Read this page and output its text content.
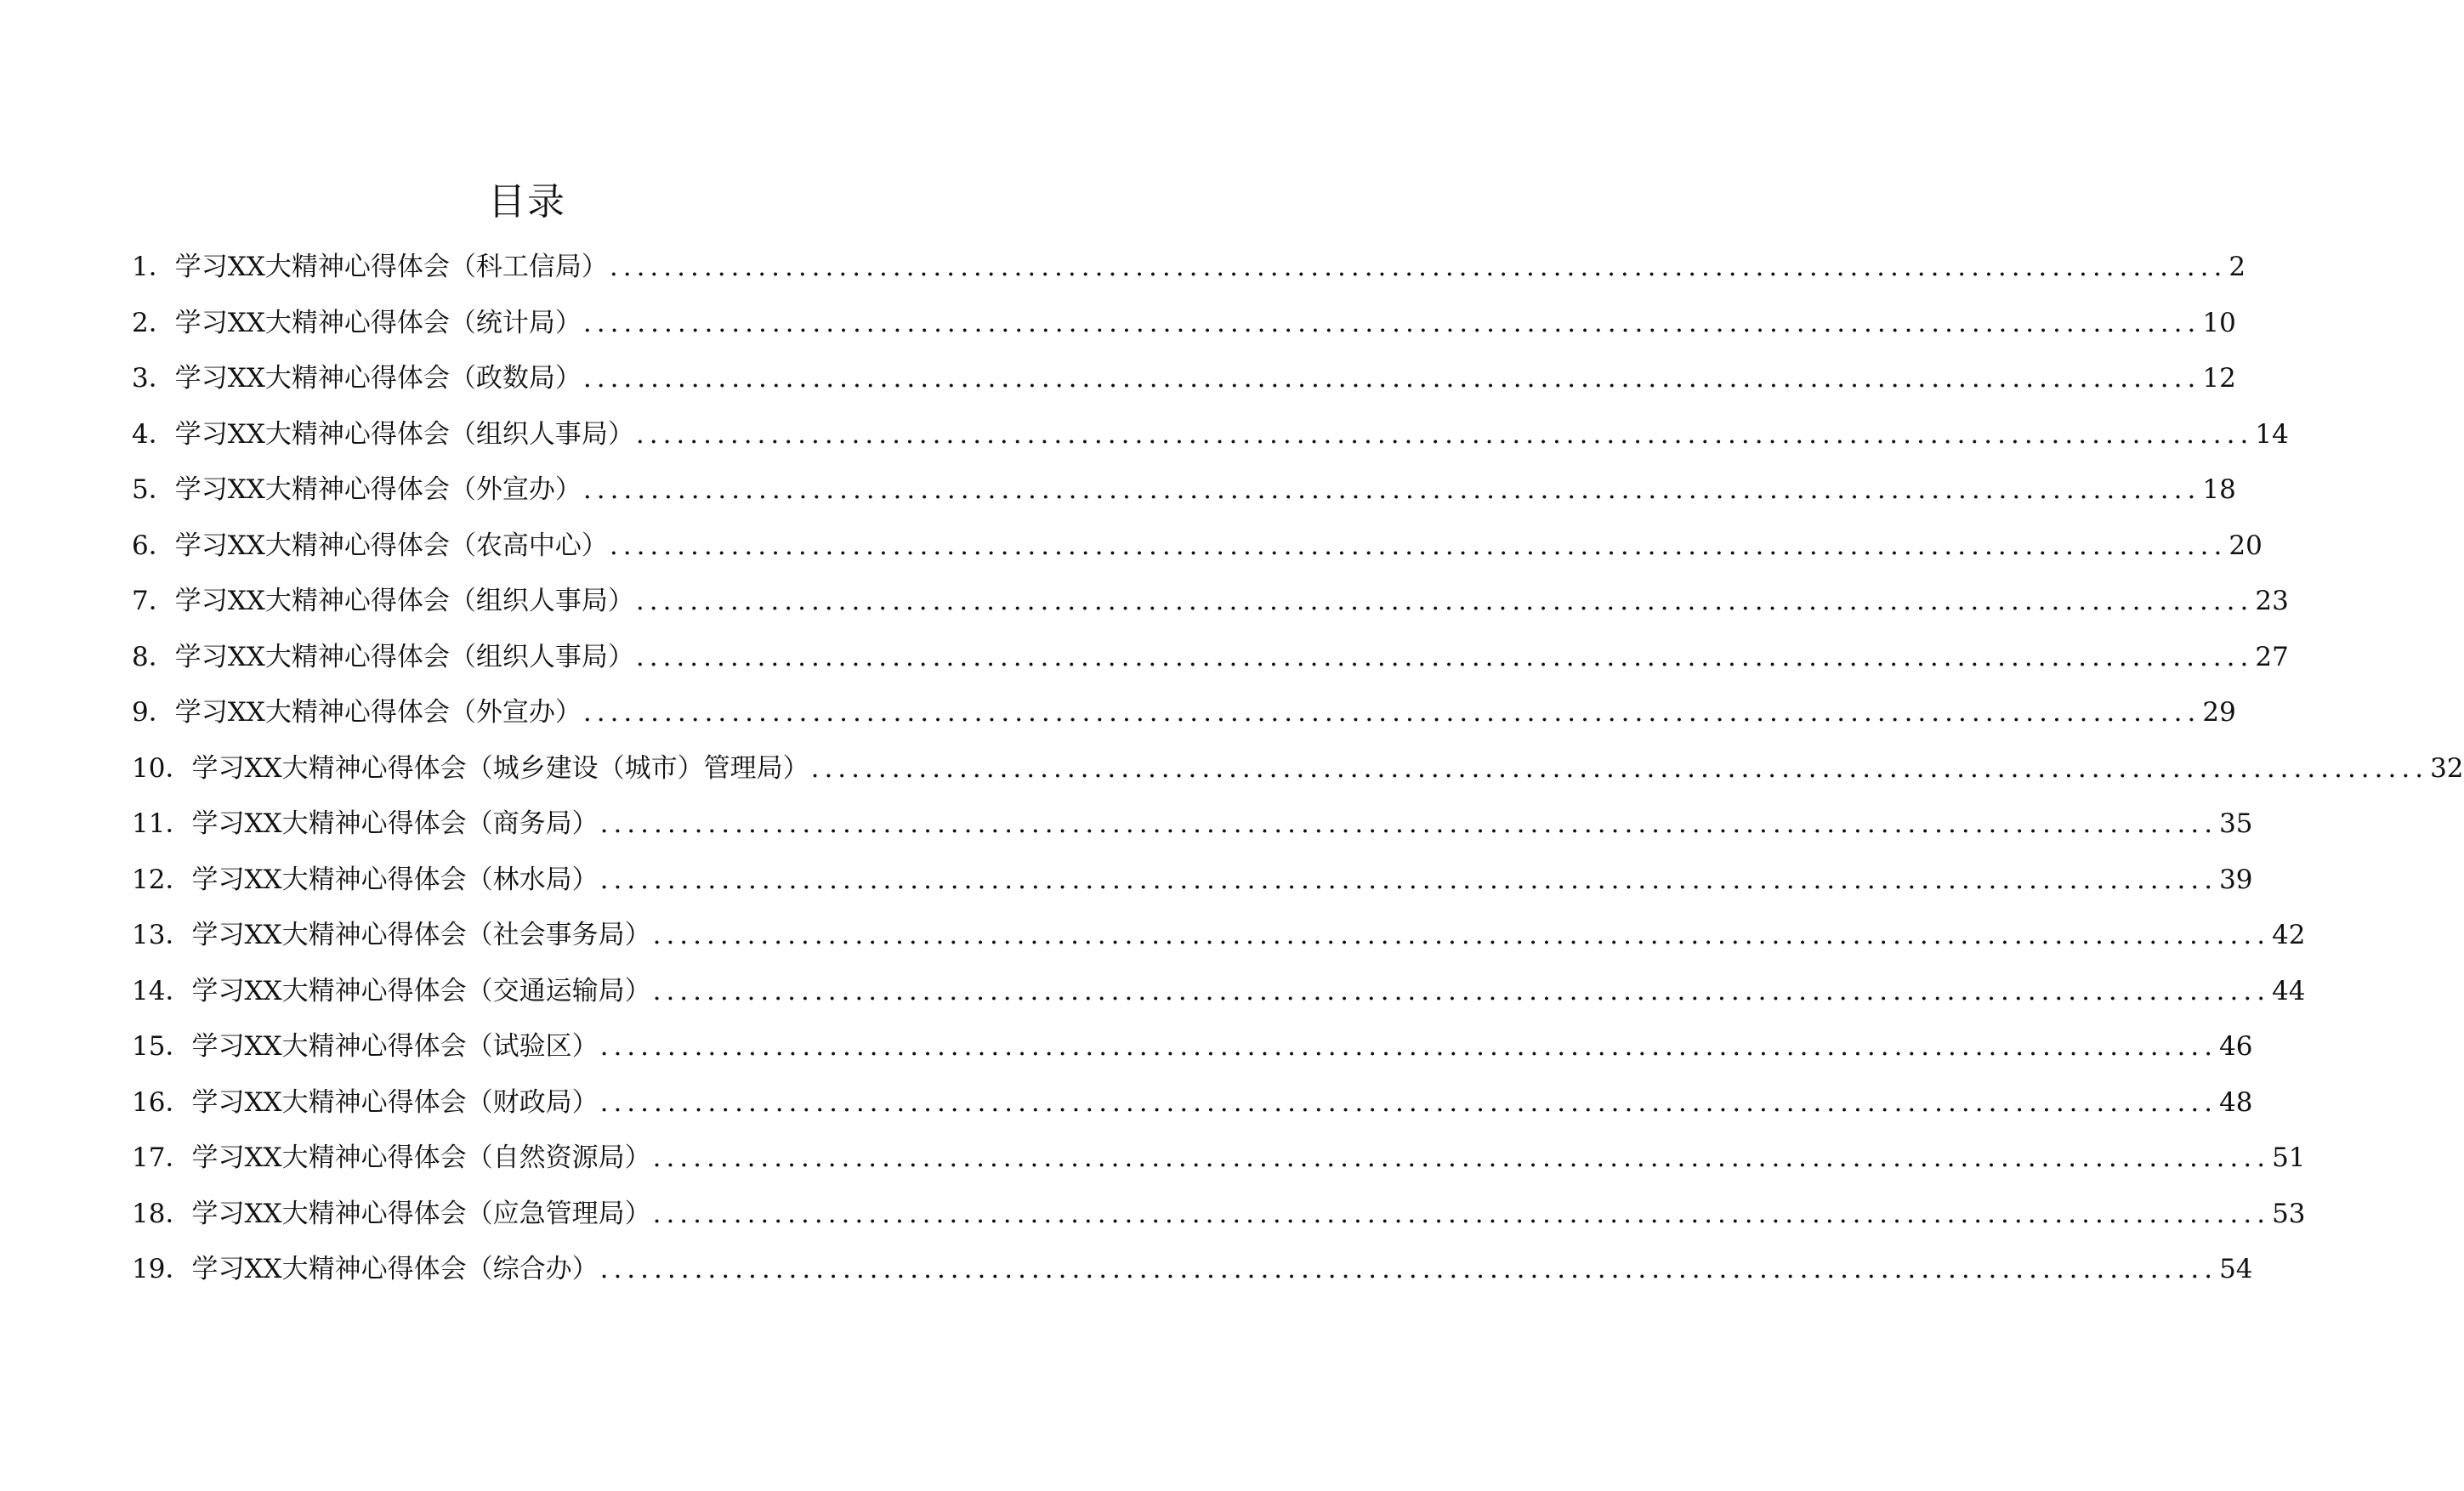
目录
1．学习XX大精神心得体会（科工信局） ........................................................................................................................ 2
2．学习XX大精神心得体会（统计局） ........................................................................................................................ 10
3．学习XX大精神心得体会（政数局） ........................................................................................................................ 12
4．学习XX大精神心得体会（组织人事局） ........................................................................................................................ 14
5．学习XX大精神心得体会（外宣办） ........................................................................................................................ 18
6．学习XX大精神心得体会（农高中心） ........................................................................................................................ 20
7．学习XX大精神心得体会（组织人事局） ........................................................................................................................ 23
8．学习XX大精神心得体会（组织人事局） ........................................................................................................................ 27
9．学习XX大精神心得体会（外宣办） ........................................................................................................................ 29
10．学习XX大精神心得体会（城乡建设（城市）管理局） ........................................................................................................................ 32
11．学习XX大精神心得体会（商务局） ........................................................................................................................ 35
12．学习XX大精神心得体会（林水局） ........................................................................................................................ 39
13．学习XX大精神心得体会（社会事务局） ........................................................................................................................ 42
14．学习XX大精神心得体会（交通运输局） ........................................................................................................................ 44
15．学习XX大精神心得体会（试验区） ........................................................................................................................ 46
16．学习XX大精神心得体会（财政局） ........................................................................................................................ 48
17．学习XX大精神心得体会（自然资源局） ........................................................................................................................ 51
18．学习XX大精神心得体会（应急管理局） ........................................................................................................................ 53
19．学习XX大精神心得体会（综合办） ........................................................................................................................ 54
